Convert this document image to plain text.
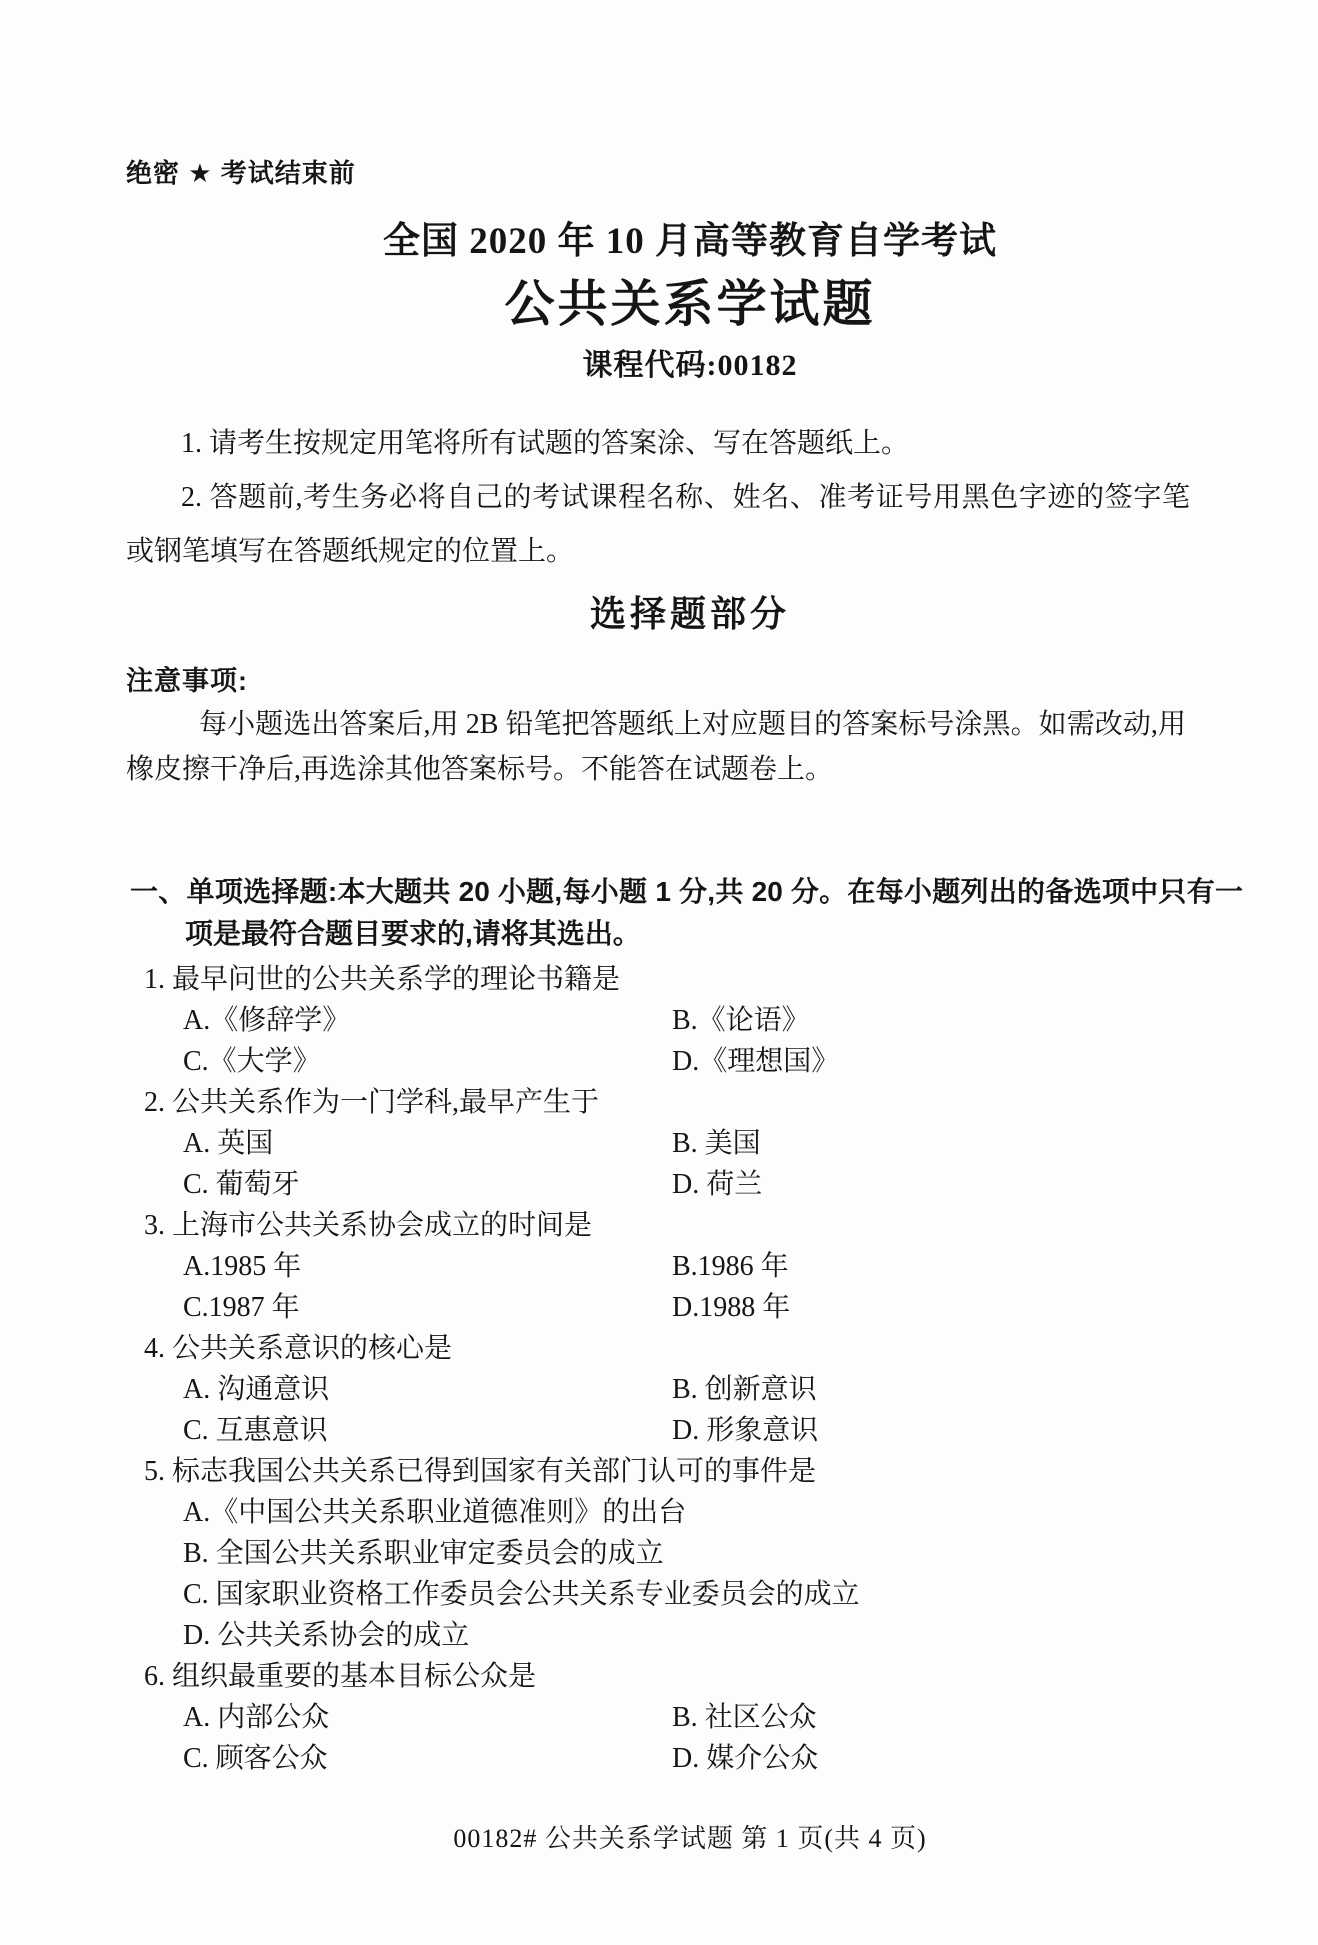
绝密 ★ 考试结束前
全国 2020 年 10 月高等教育自学考试
公共关系学试题
课程代码:00182
1. 请考生按规定用笔将所有试题的答案涂、写在答题纸上。
2. 答题前,考生务必将自己的考试课程名称、姓名、准考证号用黑色字迹的签字笔或钢笔填写在答题纸规定的位置上。
选择题部分
注意事项:
每小题选出答案后,用 2B 铅笔把答题纸上对应题目的答案标号涂黑。如需改动,用橡皮擦干净后,再选涂其他答案标号。不能答在试题卷上。
一、单项选择题:本大题共 20 小题,每小题 1 分,共 20 分。在每小题列出的备选项中只有一项是最符合题目要求的,请将其选出。
1. 最早问世的公共关系学的理论书籍是
A.《修辞学》	B.《论语》
C.《大学》	D.《理想国》
2. 公共关系作为一门学科,最早产生于
A. 英国	B. 美国
C. 葡萄牙	D. 荷兰
3. 上海市公共关系协会成立的时间是
A.1985 年	B.1986 年
C.1987 年	D.1988 年
4. 公共关系意识的核心是
A. 沟通意识	B. 创新意识
C. 互惠意识	D. 形象意识
5. 标志我国公共关系已得到国家有关部门认可的事件是
A.《中国公共关系职业道德准则》的出台
B. 全国公共关系职业审定委员会的成立
C. 国家职业资格工作委员会公共关系专业委员会的成立
D. 公共关系协会的成立
6. 组织最重要的基本目标公众是
A. 内部公众	B. 社区公众
C. 顾客公众	D. 媒介公众
00182# 公共关系学试题 第 1 页(共 4 页)
